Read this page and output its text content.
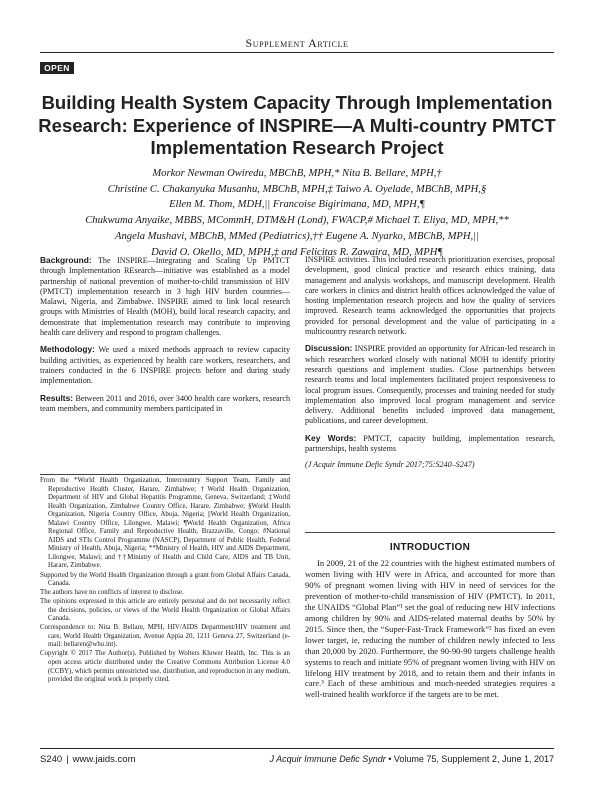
Supplement Article
OPEN
Building Health System Capacity Through Implementation
Research: Experience of INSPIRE—A Multi-country PMTCT
Implementation Research Project
Morkor Newman Owiredu, MBChB, MPH,* Nita B. Bellare, MPH,†
Christine C. Chakanyuka Musanhu, MBChB, MPH,‡ Taiwo A. Oyelade, MBChB, MPH,§
Ellen M. Thom, MDH,|| Francoise Bigirimana, MD, MPH,¶
Chukwuma Anyaike, MBBS, MCommH, DTM&H (Lond), FWACP,# Michael T. Eliya, MD, MPH,**
Angela Mushavi, MBChB, MMed (Pediatrics),†† Eugene A. Nyarko, MBChB, MPH,||
David O. Okello, MD, MPH,‡ and Felicitas R. Zawaira, MD, MPH¶

Background: The INSPIRE—Integrating and Scaling Up PMTCT through Implementation REsearch—initiative was established as a model partnership of national prevention of mother-to-child transmission of HIV (PMTCT) implementation research in 3 high HIV burden countries—Malawi, Nigeria, and Zimbabwe. INSPIRE aimed to link local research groups with Ministries of Health (MOH), build local research capacity, and demonstrate that implementation research may contribute to improving health care delivery and respond to program challenges.

Methodology: We used a mixed methods approach to review capacity building activities, as experienced by health care workers, researchers, and trainers conducted in the 6 INSPIRE projects before and during study implementation.

Results: Between 2011 and 2016, over 3400 health care workers, research team members, and community members participated in

INSPIRE activities. This included research prioritization exercises, proposal development, good clinical practice and research ethics training, data management and analysis workshops, and manuscript development. Health care workers in clinics and district health offices acknowledged the value of hosting implementation research projects and how the quality of services improved. Research teams acknowledged the opportunities that projects provided for personal development and the value of participating in a multicountry research network.

Discussion: INSPIRE provided an opportunity for African-led research in which researchers worked closely with national MOH to identify priority research questions and implement studies. Close partnerships between research teams and local implementers facilitated project responsiveness to local program issues. Consequently, processes and training needed for study implementation also improved local program management and service delivery. Additional benefits included improved data management, publications, and career development.

Key Words: PMTCT, capacity building, implementation research, partnerships, health systems

(J Acquir Immune Defic Syndr 2017;75:S240–S247)

From the *World Health Organization, Intercountry Support Team, Family and Reproductive Health Cluster, Harare, Zimbabwe; †World Health Organization, Department of HIV and Global Hepatitis Programme, Geneva, Switzerland; ‡World Health Organization, Zimbabwe Country Office, Harare, Zimbabwe; §World Health Organization, Nigeria Country Office, Abuja, Nigeria; ||World Health Organization, Malawi Country Office, Lilongwe, Malawi; ¶World Health Organization, Africa Regional Office, Family and Reproductive Health, Brazzaville, Congo; #National AIDS and STIs Control Programme (NASCP), Department of Public Health, Federal Ministry of Health, Abuja, Nigeria; **Ministry of Health, HIV and AIDS Department, Lilongwe, Malawi; and ††Ministry of Health and Child Care, AIDS and TB Unit, Harare, Zimbabwe.

Supported by the World Health Organization through a grant from Global Affairs Canada, Canada.

The authors have no conflicts of interest to disclose.

The opinions expressed in this article are entirely personal and do not necessarily reflect the decisions, policies, or views of the World Health Organization or Global Affairs Canada.

Correspondence to: Nita B. Bellare, MPH, HIV/AIDS Department/HIV treatment and care, World Health Organization, Avenue Appia 20, 1211 Geneva 27, Switzerland (e-mail: bellaren@who.int).

Copyright © 2017 The Author(s). Published by Wolters Kluwer Health, Inc. This is an open access article distributed under the Creative Commons Attribution License 4.0 (CCBY), which permits unrestricted use, distribution, and reproduction in any medium, provided the original work is properly cited.

INTRODUCTION

In 2009, 21 of the 22 countries with the highest estimated numbers of women living with HIV were in Africa, and accounted for more than 90% of pregnant women living with HIV in need of services for the prevention of mother-to-child transmission of HIV (PMTCT). In 2011, the UNAIDS “Global Plan”¹ set the goal of reducing new HIV infections among children by 90% and AIDS-related maternal deaths by 50% by 2015. Since then, the “Super-Fast-Track Framework”² has fixed an even lower target, ie, reducing the number of children newly infected to less than 20,000 by 2020. Furthermore, the 90-90-90 targets challenge health systems to reach and initiate 95% of pregnant women living with HIV on lifelong HIV treatment by 2018, and to retain them and their infants in care.³ Each of these ambitious and much-needed strategies requires a well-trained health workforce if the targets are to be met.

S240 | www.jaids.com	J Acquir Immune Defic Syndr • Volume 75, Supplement 2, June 1, 2017
